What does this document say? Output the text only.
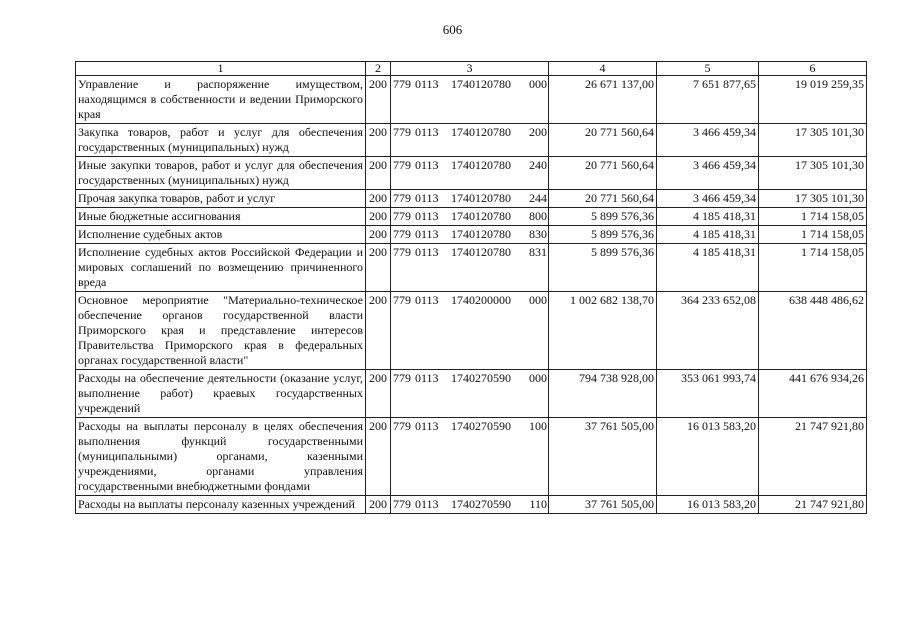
606
1	2	3	4	5	6
Управление и распоряжение имуществом, находящимся в собственности и ведении Приморского края	200	779 0113 1740120780 000	26 671 137,00	7 651 877,65	19 019 259,35
Закупка товаров, работ и услуг для обеспечения государственных (муниципальных) нужд	200	779 0113 1740120780 200	20 771 560,64	3 466 459,34	17 305 101,30
Иные закупки товаров, работ и услуг для обеспечения государственных (муниципальных) нужд	200	779 0113 1740120780 240	20 771 560,64	3 466 459,34	17 305 101,30
Прочая закупка товаров, работ и услуг	200	779 0113 1740120780 244	20 771 560,64	3 466 459,34	17 305 101,30
Иные бюджетные ассигнования	200	779 0113 1740120780 800	5 899 576,36	4 185 418,31	1 714 158,05
Исполнение судебных актов	200	779 0113 1740120780 830	5 899 576,36	4 185 418,31	1 714 158,05
Исполнение судебных актов Российской Федерации и мировых соглашений по возмещению причиненного вреда	200	779 0113 1740120780 831	5 899 576,36	4 185 418,31	1 714 158,05
Основное мероприятие "Материально-техническое обеспечение органов государственной власти Приморского края и представление интересов Правительства Приморского края в федеральных органах государственной власти"	200	779 0113 1740200000 000	1 002 682 138,70	364 233 652,08	638 448 486,62
Расходы на обеспечение деятельности (оказание услуг, выполнение работ) краевых государственных учреждений	200	779 0113 1740270590 000	794 738 928,00	353 061 993,74	441 676 934,26
Расходы на выплаты персоналу в целях обеспечения выполнения функций государственными (муниципальными) органами, казенными учреждениями, органами управления государственными внебюджетными фондами	200	779 0113 1740270590 100	37 761 505,00	16 013 583,20	21 747 921,80
Расходы на выплаты персоналу казенных учреждений	200	779 0113 1740270590 110	37 761 505,00	16 013 583,20	21 747 921,80
